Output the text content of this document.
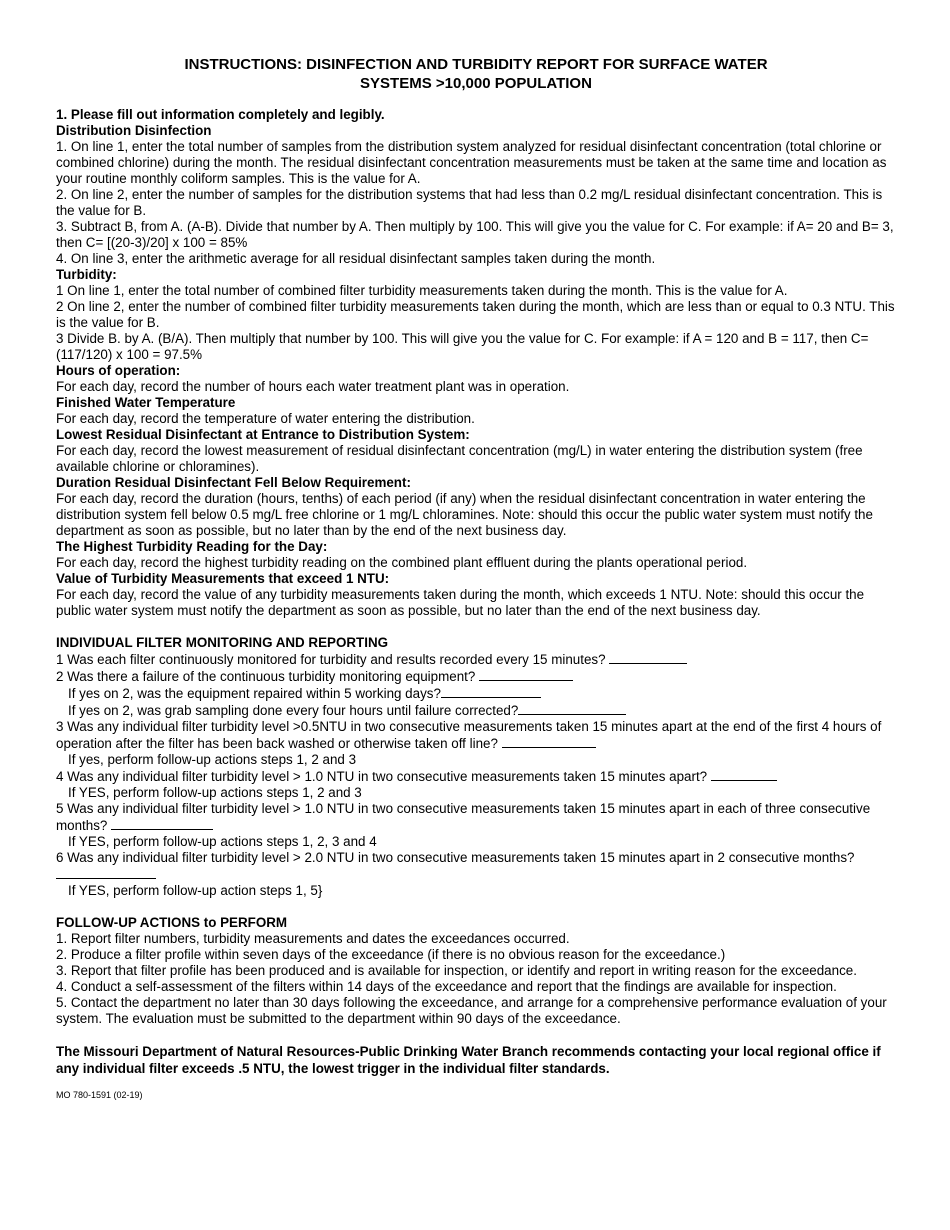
INSTRUCTIONS: DISINFECTION AND TURBIDITY REPORT FOR SURFACE WATER
SYSTEMS >10,000 POPULATION

1. Please fill out information completely and legibly.

Distribution Disinfection

1. On line 1, enter the total number of samples from the distribution system analyzed for residual disinfectant concentration (total chlorine or combined chlorine) during the month. The residual disinfectant concentration measurements must be taken at the same time and location as your routine monthly coliform samples. This is the value for A.

2. On line 2, enter the number of samples for the distribution systems that had less than 0.2 mg/L residual disinfectant concentration. This is the value for B.

3. Subtract B, from A. (A-B). Divide that number by A. Then multiply by 100. This will give you the value for C. For example: if A= 20 and B= 3, then C= [(20-3)/20] x 100 = 85%

4. On line 3, enter the arithmetic average for all residual disinfectant samples taken during the month.

Turbidity:

1 On line 1, enter the total number of combined filter turbidity measurements taken during the month. This is the value for A.

2 On line 2, enter the number of combined filter turbidity measurements taken during the month, which are less than or equal to 0.3 NTU. This is the value for B.

3 Divide B. by A. (B/A). Then multiply that number by 100. This will give you the value for C. For example: if A = 120 and B = 117, then C= (117/120) x 100 = 97.5%

Hours of operation:

For each day, record the number of hours each water treatment plant was in operation.

Finished Water Temperature

For each day, record the temperature of water entering the distribution.

Lowest Residual Disinfectant at Entrance to Distribution System:

For each day, record the lowest measurement of residual disinfectant concentration (mg/L) in water entering the distribution system (free available chlorine or chloramines).

Duration Residual Disinfectant Fell Below Requirement:

For each day, record the duration (hours, tenths) of each period (if any) when the residual disinfectant concentration in water entering the distribution system fell below 0.5 mg/L free chlorine or 1 mg/L chloramines. Note: should this occur the public water system must notify the department as soon as possible, but no later than by the end of the next business day.

The Highest Turbidity Reading for the Day:

For each day, record the highest turbidity reading on the combined plant effluent during the plants operational period.

Value of Turbidity Measurements that exceed 1 NTU:

For each day, record the value of any turbidity measurements taken during the month, which exceeds 1 NTU. Note: should this occur the public water system must notify the department as soon as possible, but no later than the end of the next business day.

INDIVIDUAL FILTER MONITORING AND REPORTING

1 Was each filter continuously monitored for turbidity and results recorded every 15 minutes?

2 Was there a failure of the continuous turbidity monitoring equipment?

If yes on 2, was the equipment repaired within 5 working days?

If yes on 2, was grab sampling done every four hours until failure corrected?

3 Was any individual filter turbidity level >0.5NTU in two consecutive measurements taken 15 minutes apart at the end of the first 4 hours of operation after the filter has been back washed or otherwise taken off line?

If yes, perform follow-up actions steps 1, 2 and 3

4 Was any individual filter turbidity level > 1.0 NTU in two consecutive measurements taken 15 minutes apart?

If YES, perform follow-up actions steps 1, 2 and 3

5 Was any individual filter turbidity level > 1.0 NTU in two consecutive measurements taken 15 minutes apart in each of three consecutive months?

If YES, perform follow-up actions steps 1, 2, 3 and 4

6 Was any individual filter turbidity level > 2.0 NTU in two consecutive measurements taken 15 minutes apart in 2 consecutive months?

If YES, perform follow-up action steps 1, 5}

FOLLOW-UP ACTIONS to PERFORM

1. Report filter numbers, turbidity measurements and dates the exceedances occurred.

2. Produce a filter profile within seven days of the exceedance (if there is no obvious reason for the exceedance.)

3. Report that filter profile has been produced and is available for inspection, or identify and report in writing reason for the exceedance.

4. Conduct a self-assessment of the filters within 14 days of the exceedance and report that the findings are available for inspection.

5. Contact the department no later than 30 days following the exceedance, and arrange for a comprehensive performance evaluation of your system. The evaluation must be submitted to the department within 90 days of the exceedance.

The Missouri Department of Natural Resources-Public Drinking Water Branch recommends contacting your local regional office if any individual filter exceeds .5 NTU, the lowest trigger in the individual filter standards.

MO 780-1591 (02-19)
